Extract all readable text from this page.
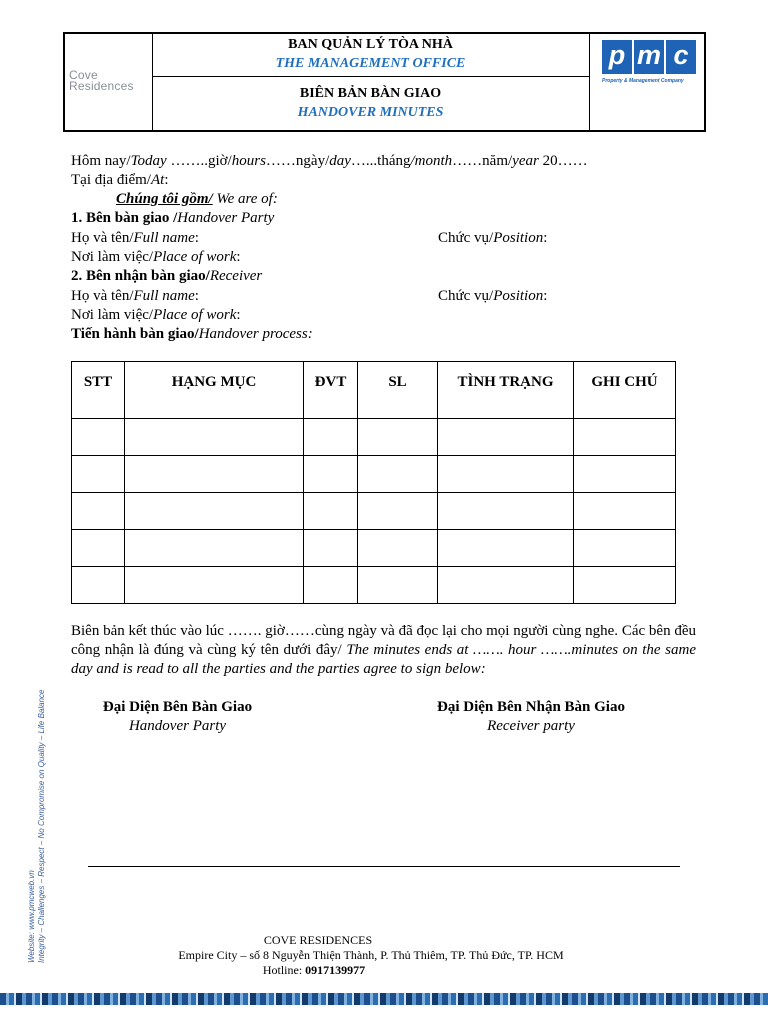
Cove
Residences
BAN QUẢN LÝ TÒA NHÀ
THE MANAGEMENT OFFICE
BIÊN BẢN BÀN GIAO
HANDOVER MINUTES
p m c
Property & Management Company
Hôm nay/Today ……..giờ/hours……ngày/day…...tháng/month……năm/year 20……
Tại địa điểm/At:
Chúng tôi gồm/ We are of:
1. Bên bàn giao /Handover Party
Họ và tên/Full name:	Chức vụ/Position:
Nơi làm việc/Place of work:
2. Bên nhận bàn giao/Receiver
Họ và tên/Full name:	Chức vụ/Position:
Nơi làm việc/Place of work:
Tiến hành bàn giao/Handover process:
STT	HẠNG MỤC	ĐVT	SL	TÌNH TRẠNG	GHI CHÚ

Biên bản kết thúc vào lúc ……. giờ……cùng ngày và đã đọc lại cho mọi người cùng nghe. Các bên đều công nhận là đúng và cùng ký tên dưới đây/ The minutes ends at ……. hour …….minutes on the same day and is read to all the parties and the parties agree to sign below:
Đại Diện Bên Bàn Giao
Handover Party
Đại Diện Bên Nhận Bàn Giao
Receiver party
COVE RESIDENCES
Empire City – số 8 Nguyễn Thiện Thành, P. Thủ Thiêm, TP. Thủ Đức, TP. HCM
Hotline: 0917139977
Website: www.pmcweb.vn Integrity – Challenges – Respect – No Compromise on Quality – Life Balance
